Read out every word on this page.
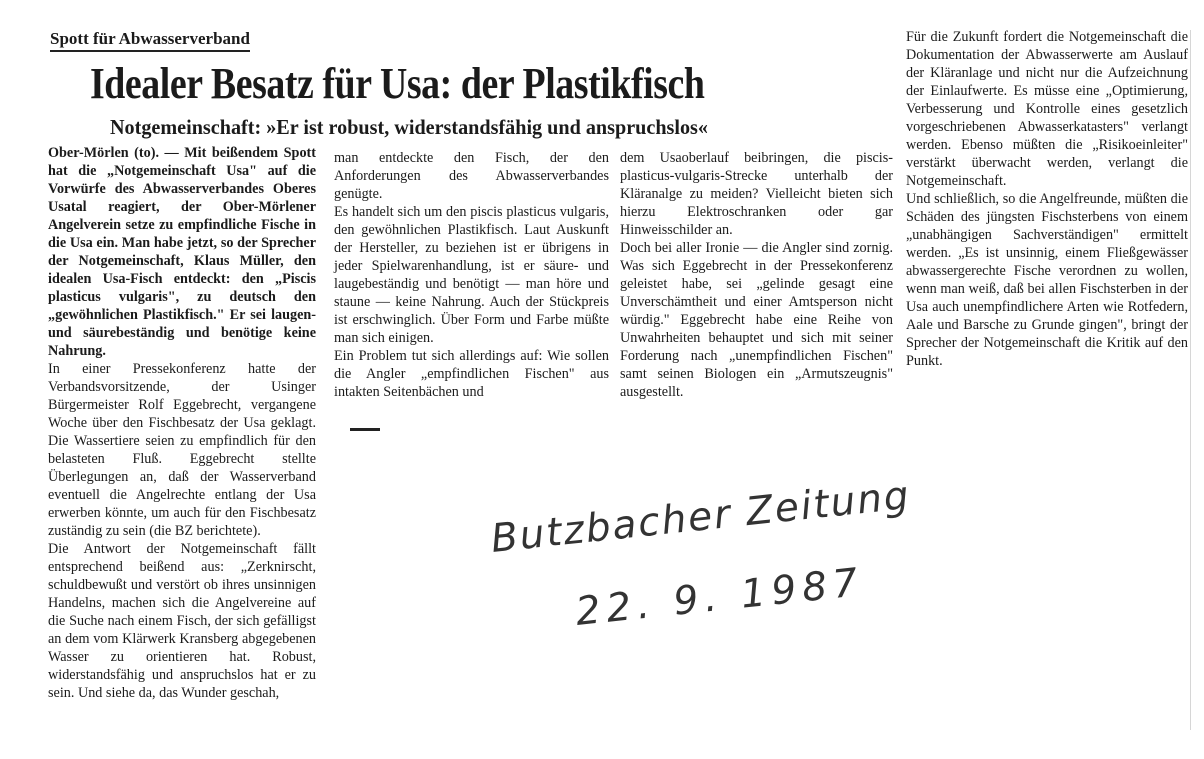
Spott für Abwasserverband
Idealer Besatz für Usa: der Plastikfisch
Notgemeinschaft: »Er ist robust, widerstandsfähig und anspruchslos«

Ober-Mörlen (to). — Mit beißendem Spott hat die „Notgemeinschaft Usa" auf die Vorwürfe des Abwasserverbandes Oberes Usatal reagiert, der Ober-Mörlener Angelverein setze zu empfindliche Fische in die Usa ein. Man habe jetzt, so der Sprecher der Notgemeinschaft, Klaus Müller, den idealen Usa-Fisch entdeckt: den „Piscis plasticus vulgaris", zu deutsch den „gewöhnlichen Plastikfisch." Er sei laugen- und säurebeständig und benötige keine Nahrung.

In einer Pressekonferenz hatte der Verbandsvorsitzende, der Usinger Bürgermeister Rolf Eggebrecht, vergangene Woche über den Fischbesatz der Usa geklagt. Die Wassertiere seien zu empfindlich für den belasteten Fluß. Eggebrecht stellte Überlegungen an, daß der Wasserverband eventuell die Angelrechte entlang der Usa erwerben könnte, um auch für den Fischbesatz zuständig zu sein (die BZ berichtete).

Die Antwort der Notgemeinschaft fällt entsprechend beißend aus: „Zerknirscht, schuldbewußt und verstört ob ihres unsinnigen Handelns, machen sich die Angelvereine auf die Suche nach einem Fisch, der sich gefälligst an dem vom Klärwerk Kransberg abgegebenen Wasser zu orientieren hat. Robust, widerstandsfähig und anspruchslos hat er zu sein. Und siehe da, das Wunder geschah,

man entdeckte den Fisch, der den Anforderungen des Abwasserverbandes genügte.

Es handelt sich um den piscis plasticus vulgaris, den gewöhnlichen Plastikfisch. Laut Auskunft der Hersteller, zu beziehen ist er übrigens in jeder Spielwarenhandlung, ist er säure- und laugebeständig und benötigt — man höre und staune — keine Nahrung. Auch der Stückpreis ist erschwinglich. Über Form und Farbe müßte man sich einigen.

Ein Problem tut sich allerdings auf: Wie sollen die Angler „empfindlichen Fischen" aus intakten Seitenbächen und

dem Usaoberlauf beibringen, die piscis-plasticus-vulgaris-Strecke unterhalb der Kläranalge zu meiden? Vielleicht bieten sich hierzu Elektroschranken oder gar Hinweisschilder an.

Doch bei aller Ironie — die Angler sind zornig. Was sich Eggebrecht in der Pressekonferenz geleistet habe, sei „gelinde gesagt eine Unverschämtheit und einer Amtsperson nicht würdig." Eggebrecht habe eine Reihe von Unwahrheiten behauptet und sich mit seiner Forderung nach „unempfindlichen Fischen" samt seinen Biologen ein „Armutszeugnis" ausgestellt.

Für die Zukunft fordert die Notgemeinschaft die Dokumentation der Abwasserwerte am Auslauf der Kläranlage und nicht nur die Aufzeichnung der Einlaufwerte. Es müsse eine „Optimierung, Verbesserung und Kontrolle eines gesetzlich vorgeschriebenen Abwasserkatasters" verlangt werden. Ebenso müßten die „Risikoeinleiter" verstärkt überwacht werden, verlangt die Notgemeinschaft.

Und schließlich, so die Angelfreunde, müßten die Schäden des jüngsten Fischsterbens von einem „unabhängigen Sachverständigen" ermittelt werden. „Es ist unsinnig, einem Fließgewässer abwassergerechte Fische verordnen zu wollen, wenn man weiß, daß bei allen Fischsterben in der Usa auch unempfindlichere Arten wie Rotfedern, Aale und Barsche zu Grunde gingen", bringt der Sprecher der Notgemeinschaft die Kritik auf den Punkt.

Butzbacher Zeitung
22. 9. 1987
